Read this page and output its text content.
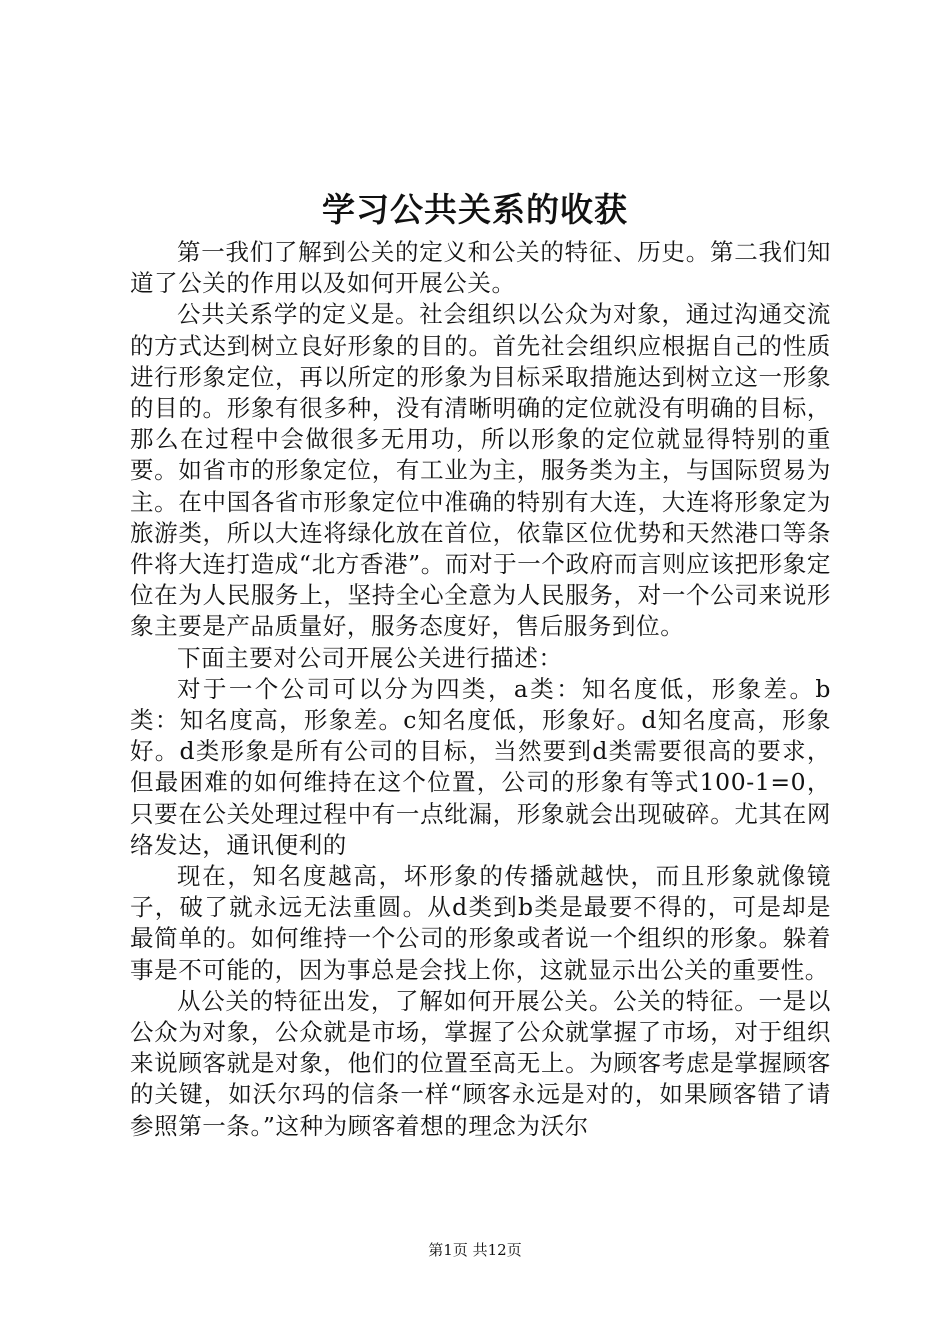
学习公共关系的收获

第一我们了解到公关的定义和公关的特征、历史。第二我们知道了公关的作用以及如何开展公关。

公共关系学的定义是。社会组织以公众为对象，通过沟通交流的方式达到树立良好形象的目的。首先社会组织应根据自己的性质进行形象定位，再以所定的形象为目标采取措施达到树立这一形象的目的。形象有很多种，没有清晰明确的定位就没有明确的目标，那么在过程中会做很多无用功，所以形象的定位就显得特别的重要。如省市的形象定位，有工业为主，服务类为主，与国际贸易为主。在中国各省市形象定位中准确的特别有大连，大连将形象定为旅游类，所以大连将绿化放在首位，依靠区位优势和天然港口等条件将大连打造成“北方香港”。而对于一个政府而言则应该把形象定位在为人民服务上，坚持全心全意为人民服务，对一个公司来说形象主要是产品质量好，服务态度好，售后服务到位。

下面主要对公司开展公关进行描述：

对于一个公司可以分为四类，a类：知名度低，形象差。b类：知名度高，形象差。c知名度低，形象好。d知名度高，形象好。d类形象是所有公司的目标，当然要到d类需要很高的要求，但最困难的如何维持在这个位置，公司的形象有等式100-1=0，只要在公关处理过程中有一点纰漏，形象就会出现破碎。尤其在网络发达，通讯便利的

现在，知名度越高，坏形象的传播就越快，而且形象就像镜子，破了就永远无法重圆。从d类到b类是最要不得的，可是却是最简单的。如何维持一个公司的形象或者说一个组织的形象。躲着事是不可能的，因为事总是会找上你，这就显示出公关的重要性。

从公关的特征出发，了解如何开展公关。公关的特征。一是以公众为对象，公众就是市场，掌握了公众就掌握了市场，对于组织来说顾客就是对象，他们的位置至高无上。为顾客考虑是掌握顾客的关键，如沃尔玛的信条一样“顾客永远是对的，如果顾客错了请参照第一条。”这种为顾客着想的理念为沃尔

第1页 共12页
